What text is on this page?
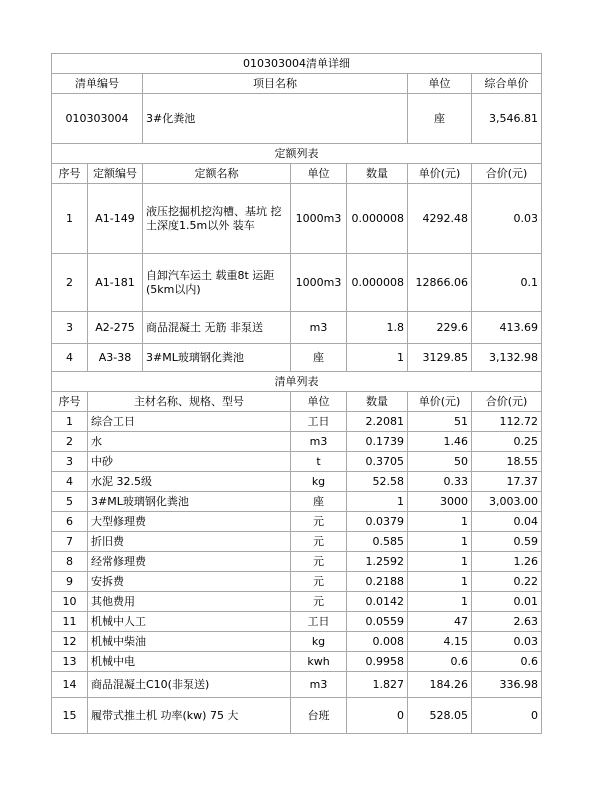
010303004清单详细						
清单编号		项目名称			单位	综合单价
010303004		3#化粪池			座	3,546.81
定额列表						
序号	定额编号	定额名称	单位	数量	单价(元)	合价(元)
1	A1-149	液压挖掘机挖沟槽、基坑 挖土深度1.5m以外 装车	1000m3	0.000008	4292.48	0.03
2	A1-181	自卸汽车运土 载重8t 运距(5km以内)	1000m3	0.000008	12866.06	0.1
3	A2-275	商品混凝土 无筋 非泵送	m3	1.8	229.6	413.69
4	A3-38	3#ML玻璃钢化粪池	座	1	3129.85	3,132.98
清单列表						
序号	主材名称、规格、型号		单位	数量	单价(元)	合价(元)
1	综合工日		工日	2.2081	51	112.72
2	水		m3	0.1739	1.46	0.25
3	中砂		t	0.3705	50	18.55
4	水泥 32.5级		kg	52.58	0.33	17.37
5	3#ML玻璃钢化粪池		座	1	3000	3,003.00
6	大型修理费		元	0.0379	1	0.04
7	折旧费		元	0.585	1	0.59
8	经常修理费		元	1.2592	1	1.26
9	安拆费		元	0.2188	1	0.22
10	其他费用		元	0.0142	1	0.01
11	机械中人工		工日	0.0559	47	2.63
12	机械中柴油		kg	0.008	4.15	0.03
13	机械中电		kwh	0.9958	0.6	0.6
14	商品混凝土C10(非泵送)		m3	1.827	184.26	336.98
15	履带式推土机 功率(kw) 75 大		台班	0	528.05	0
